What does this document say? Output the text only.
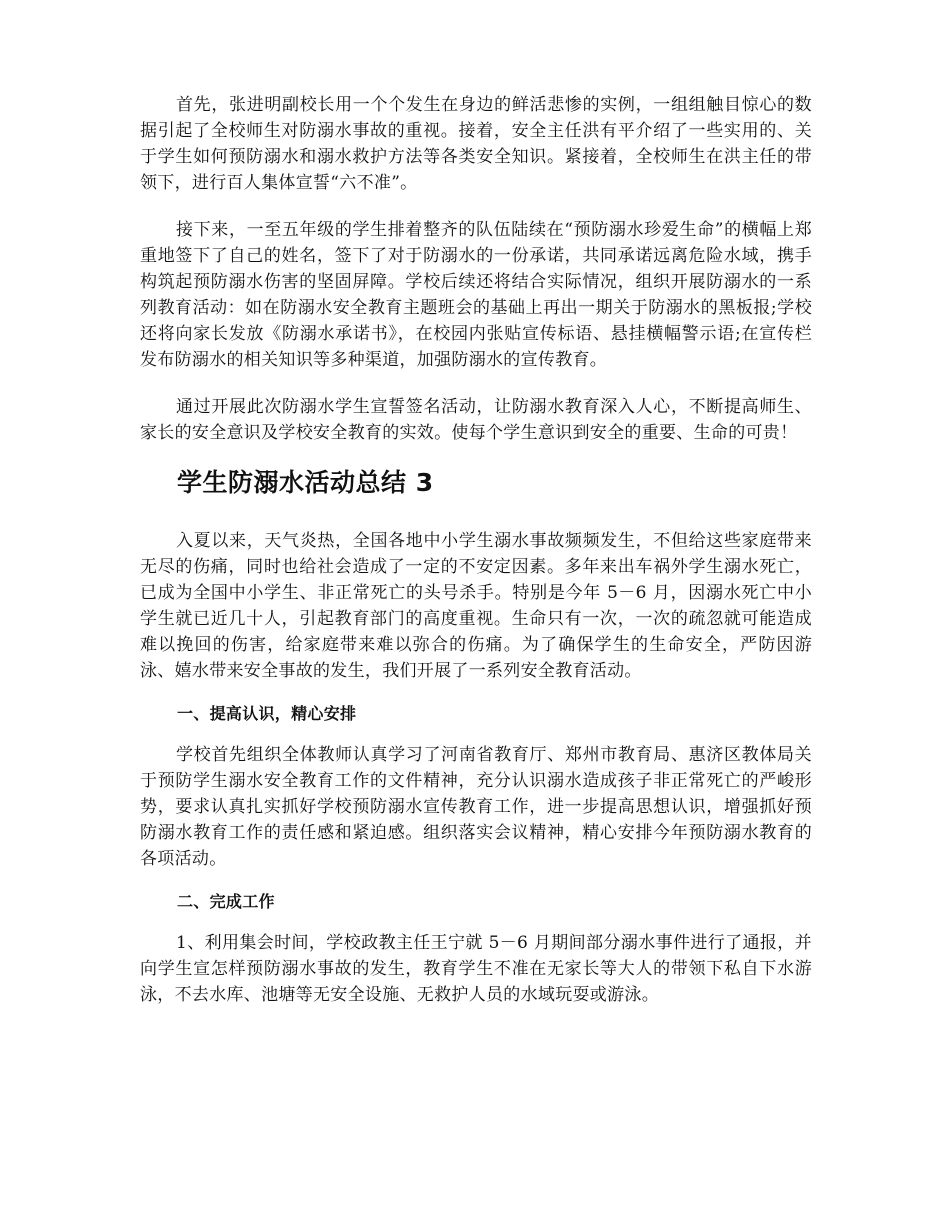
首先，张进明副校长用一个个发生在身边的鲜活悲惨的实例，一组组触目惊心的数据引起了全校师生对防溺水事故的重视。接着，安全主任洪有平介绍了一些实用的、关于学生如何预防溺水和溺水救护方法等各类安全知识。紧接着，全校师生在洪主任的带领下，进行百人集体宣誓“六不准”。

接下来，一至五年级的学生排着整齐的队伍陆续在“预防溺水珍爱生命”的横幅上郑重地签下了自己的姓名，签下了对于防溺水的一份承诺，共同承诺远离危险水域，携手构筑起预防溺水伤害的坚固屏障。学校后续还将结合实际情况，组织开展防溺水的一系列教育活动：如在防溺水安全教育主题班会的基础上再出一期关于防溺水的黑板报;学校还将向家长发放《防溺水承诺书》，在校园内张贴宣传标语、悬挂横幅警示语;在宣传栏发布防溺水的相关知识等多种渠道，加强防溺水的宣传教育。

通过开展此次防溺水学生宣誓签名活动，让防溺水教育深入人心，不断提高师生、家长的安全意识及学校安全教育的实效。使每个学生意识到安全的重要、生命的可贵！

学生防溺水活动总结 3

入夏以来，天气炎热，全国各地中小学生溺水事故频频发生，不但给这些家庭带来无尽的伤痛，同时也给社会造成了一定的不安定因素。多年来出车祸外学生溺水死亡，已成为全国中小学生、非正常死亡的头号杀手。特别是今年 5－6 月，因溺水死亡中小学生就已近几十人，引起教育部门的高度重视。生命只有一次，一次的疏忽就可能造成难以挽回的伤害，给家庭带来难以弥合的伤痛。为了确保学生的生命安全，严防因游泳、嬉水带来安全事故的发生，我们开展了一系列安全教育活动。

一、提高认识，精心安排

学校首先组织全体教师认真学习了河南省教育厅、郑州市教育局、惠济区教体局关于预防学生溺水安全教育工作的文件精神，充分认识溺水造成孩子非正常死亡的严峻形势，要求认真扎实抓好学校预防溺水宣传教育工作，进一步提高思想认识，增强抓好预防溺水教育工作的责任感和紧迫感。组织落实会议精神，精心安排今年预防溺水教育的各项活动。

二、完成工作

1、利用集会时间，学校政教主任王宁就 5－6 月期间部分溺水事件进行了通报，并向学生宣怎样预防溺水事故的发生，教育学生不准在无家长等大人的带领下私自下水游泳，不去水库、池塘等无安全设施、无救护人员的水域玩耍或游泳。
